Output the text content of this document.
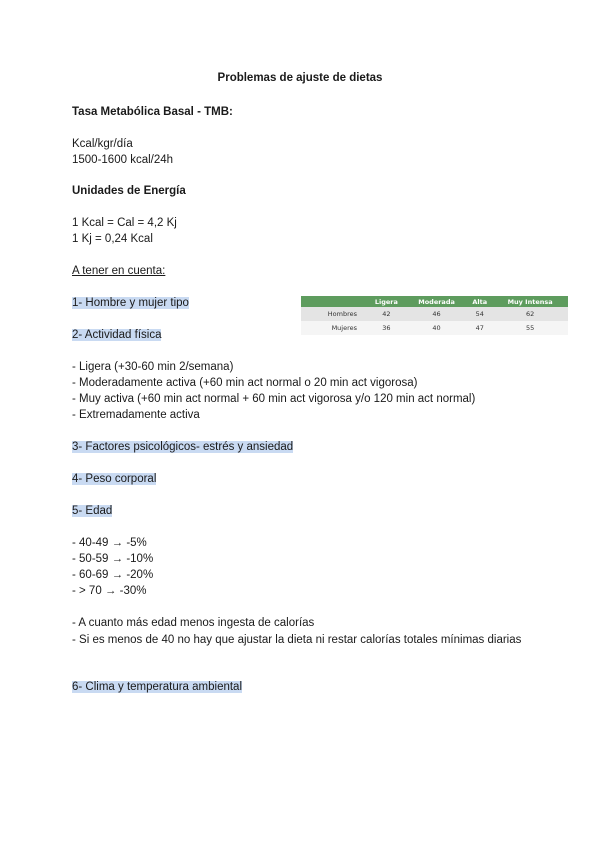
Problemas de ajuste de dietas
Tasa Metabólica Basal - TMB:
Kcal/kgr/día
1500-1600 kcal/24h
Unidades de Energía
1 Kcal = Cal = 4,2 Kj
1 Kj = 0,24 Kcal
A tener en cuenta:
1- Hombre y mujer tipo
2- Actividad física
	Ligera	Moderada	Alta	Muy Intensa
Hombres	42	46	54	62
Mujeres	36	40	47	55
- Ligera (+30-60 min 2/semana)
- Moderadamente activa (+60 min act normal o 20 min act vigorosa)
- Muy activa (+60 min act normal + 60 min act vigorosa y/o 120 min act normal)
- Extremadamente activa
3- Factores psicológicos- estrés y ansiedad
4- Peso corporal
5- Edad
- 40-49 → -5%
- 50-59 → -10%
- 60-69 → -20%
- > 70 → -30%
- A cuanto más edad menos ingesta de calorías
- Si es menos de 40 no hay que ajustar la dieta ni restar calorías totales mínimas diarias
6- Clima y temperatura ambiental
